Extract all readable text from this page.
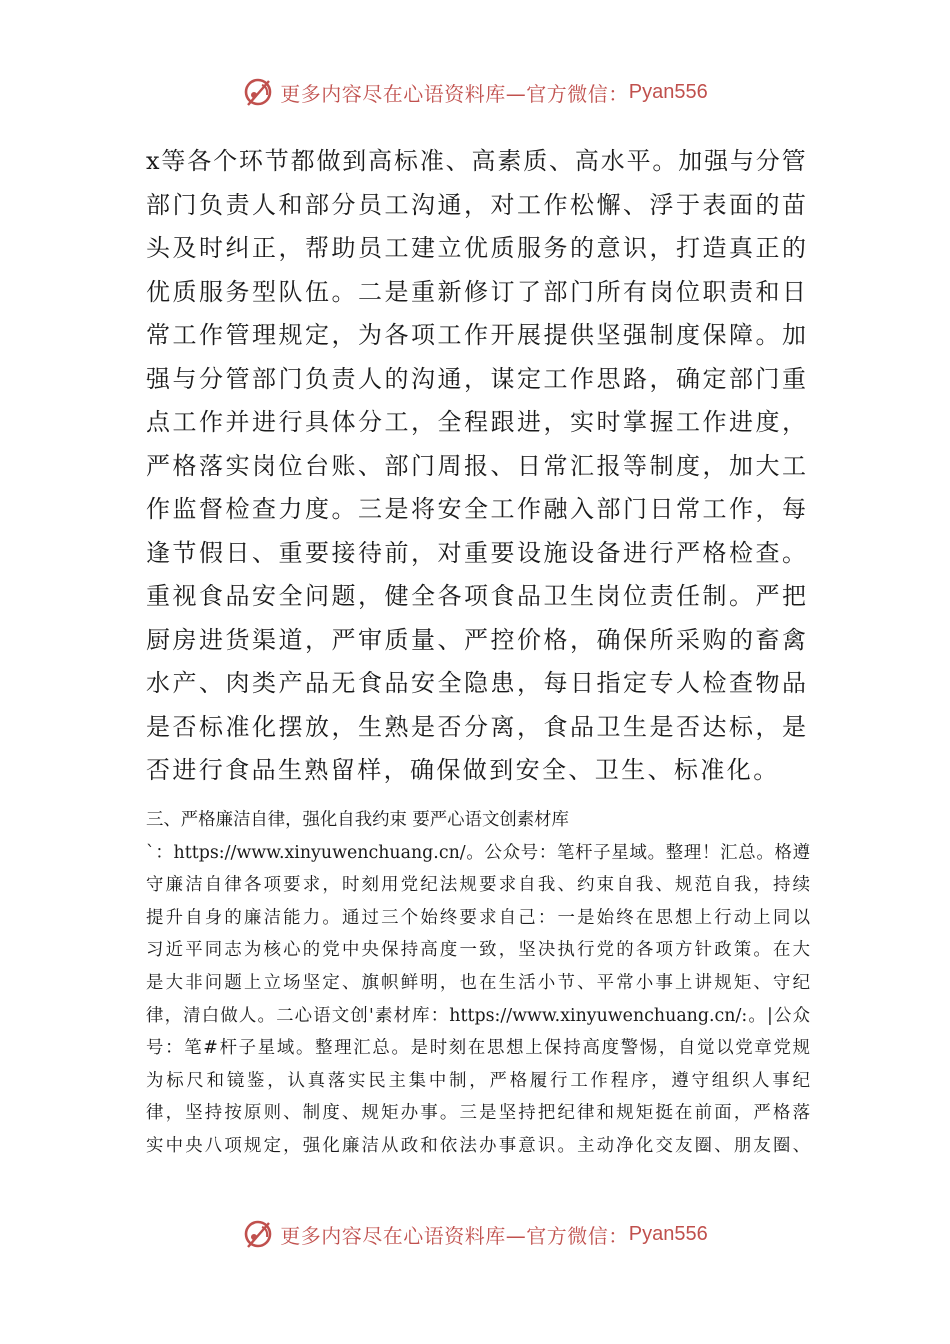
更多内容尽在心语资料库—官方微信： Pyan556
x 等 各 个 环 节 都 做 到 高 标 准 、 高 素 质 、 高 水 平 。 加 强 与 分 管
部 门 负 责 人 和 部 分 员 工 沟 通 ， 对 工 作 松 懈 、 浮 于 表 面 的 苗
头 及 时 纠 正 ， 帮 助 员 工 建 立 优 质 服 务 的 意 识 ， 打 造 真 正 的
优 质 服 务 型 队 伍 。 二 是 重 新 修 订 了 部 门 所 有 岗 位 职 责 和 日
常 工 作 管 理 规 定 ， 为 各 项 工 作 开 展 提 供 坚 强 制 度 保 障 。 加
强 与 分 管 部 门 负 责 人 的 沟 通 ， 谋 定 工 作 思 路 ， 确 定 部 门 重
点 工 作 并 进 行 具 体 分 工 ， 全 程 跟 进 ， 实 时 掌 握 工 作 进 度 ，
严 格 落 实 岗 位 台 账 、 部 门 周 报 、 日 常 汇 报 等 制 度 ， 加 大 工
作 监 督 检 查 力 度 。 三 是 将 安 全 工 作 融 入 部 门 日 常 工 作 ， 每
逢 节 假 日 、 重 要 接 待 前 ， 对 重 要 设 施 设 备 进 行 严 格 检 查 。
重 视 食 品 安 全 问 题 ， 健 全 各 项 食 品 卫 生 岗 位 责 任 制 。 严 把
厨 房 进 货 渠 道 ， 严 审 质 量 、 严 控 价 格 ， 确 保 所 采 购 的 畜 禽
水 产 、 肉 类 产 品 无 食 品 安 全 隐 患 ， 每 日 指 定 专 人 检 查 物 品
是 否 标 准 化 摆 放 ， 生 熟 是 否 分 离 ， 食 品 卫 生 是 否 达 标 ， 是
否进行食品生熟留样，确保做到安全、卫生、标准化。
三、严格廉洁自律，强化自我约束 要严心语文创素材库
`：https://www.xinyuwenchuang.cn/。公众号：笔杆子星域。整理！汇总。格遵
守廉洁自律各项要求，时刻用党纪法规要求自我、约束自我、规范自我，持续
提升自身的廉洁能力。通过三个始终要求自己：一是始终在思想上行动上同以
习近平同志为核心的党中央保持高度一致，坚决执行党的各项方针政策。在大
是大非问题上立场坚定、旗帜鲜明，也在生活小节、平常小事上讲规矩、守纪
律，清白做人。二心语文创'素材库：https://www.xinyuwenchuang.cn/:。|公众
号：笔#杆子星域。整理汇总。是时刻在思想上保持高度警惕，自觉以党章党规
为标尺和镜鉴，认真落实民主集中制，严格履行工作程序，遵守组织人事纪
律，坚持按原则、制度、规矩办事。三是坚持把纪律和规矩挺在前面，严格落
实中央八项规定，强化廉洁从政和依法办事意识。主动净化交友圈、朋友圈、
更多内容尽在心语资料库—官方微信： Pyan556
